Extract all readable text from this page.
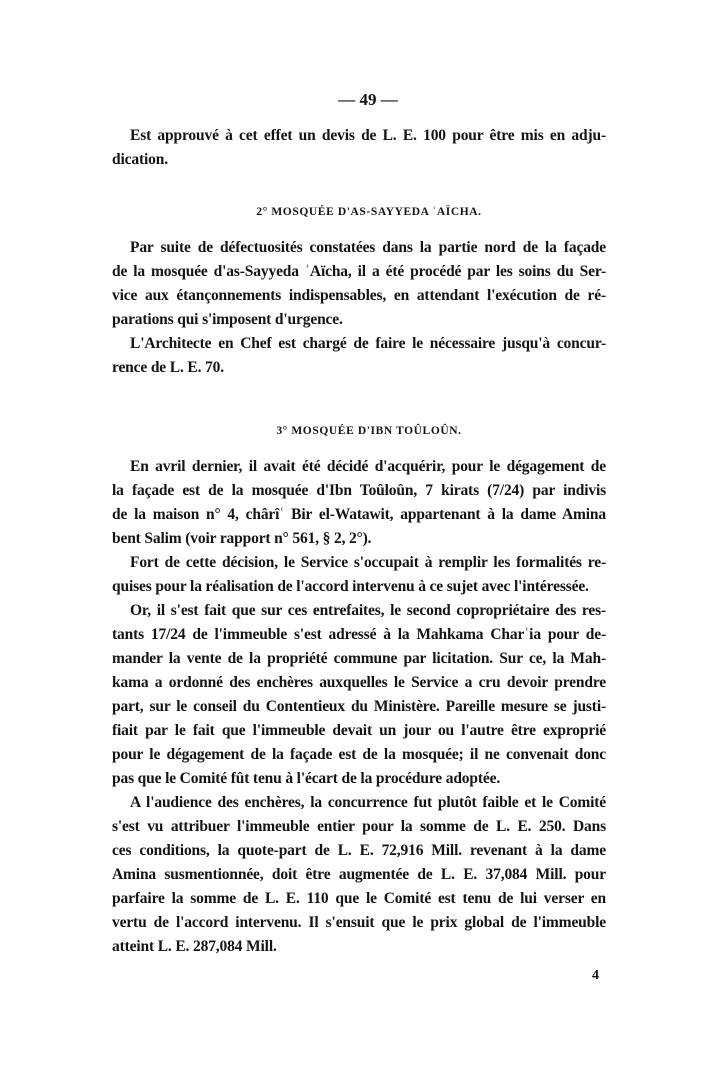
— 49 —
Est approuvé à cet effet un devis de L. E. 100 pour être mis en adju-
dication.
2° MOSQUÉE D'AS-SAYYEDA ʿAÏCHA.
Par suite de défectuosités constatées dans la partie nord de la façade
de la mosquée d'as-Sayyeda ʿAïcha, il a été procédé par les soins du Ser-
vice aux étançonnements indispensables, en attendant l'exécution de ré-
parations qui s'imposent d'urgence.
L'Architecte en Chef est chargé de faire le nécessaire jusqu'à concur-
rence de L. E. 70.
3° MOSQUÉE D'IBN TOÛLOÛN.
En avril dernier, il avait été décidé d'acquérir, pour le dégagement de
la façade est de la mosquée d'Ibn Toûloûn, 7 kirats (7/24) par indivis
de la maison n° 4, chârîʿ Bir el-Watawit, appartenant à la dame Amina
bent Salim (voir rapport n° 561, § 2, 2°).
Fort de cette décision, le Service s'occupait à remplir les formalités re-
quises pour la réalisation de l'accord intervenu à ce sujet avec l'intéressée.
Or, il s'est fait que sur ces entrefaites, le second copropriétaire des res-
tants 17/24 de l'immeuble s'est adressé à la Mahkama Charʿia pour de-
mander la vente de la propriété commune par licitation. Sur ce, la Mah-
kama a ordonné des enchères auxquelles le Service a cru devoir prendre
part, sur le conseil du Contentieux du Ministère. Pareille mesure se justi-
fiait par le fait que l'immeuble devait un jour ou l'autre être exproprié
pour le dégagement de la façade est de la mosquée; il ne convenait donc
pas que le Comité fût tenu à l'écart de la procédure adoptée.
A l'audience des enchères, la concurrence fut plutôt faible et le Comité
s'est vu attribuer l'immeuble entier pour la somme de L. E. 250. Dans
ces conditions, la quote-part de L. E. 72,916 Mill. revenant à la dame
Amina susmentionnée, doit être augmentée de L. E. 37,084 Mill. pour
parfaire la somme de L. E. 110 que le Comité est tenu de lui verser en
vertu de l'accord intervenu. Il s'ensuit que le prix global de l'immeuble
atteint L. E. 287,084 Mill.
4
